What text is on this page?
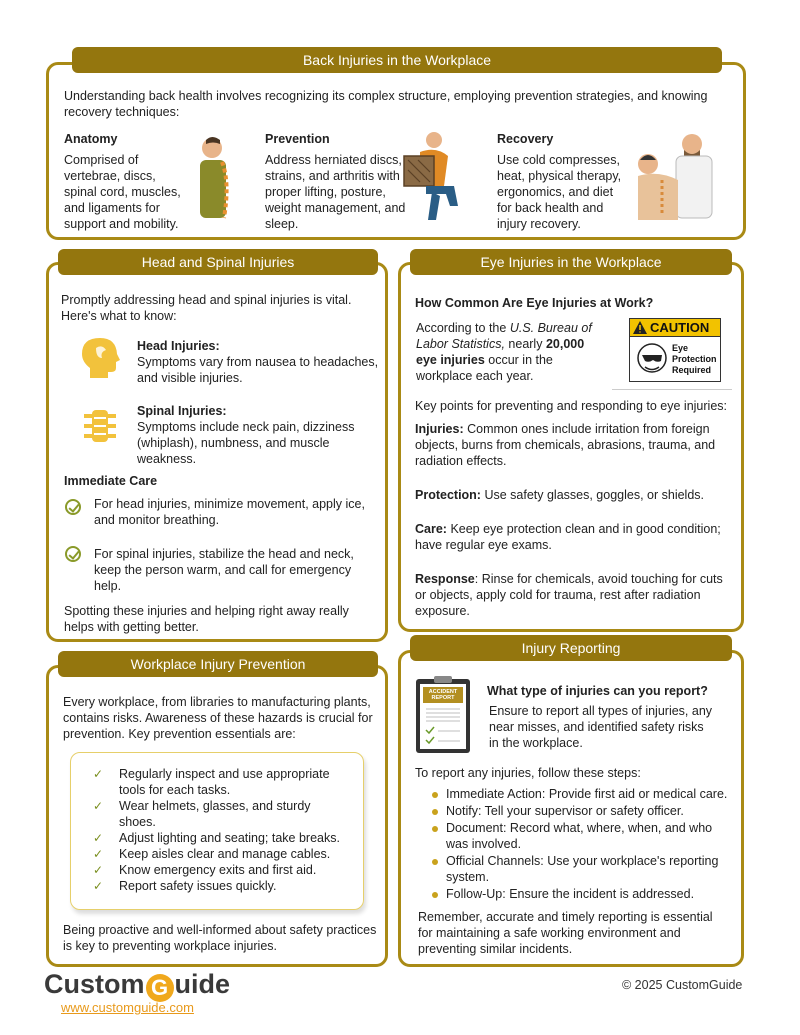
Back Injuries in the Workplace
Understanding back health involves recognizing its complex structure, employing prevention strategies, and knowing recovery techniques:
Anatomy
Comprised of vertebrae, discs, spinal cord, muscles, and ligaments for support and mobility.
Prevention
Address herniated discs, strains, and arthritis with proper lifting, posture, weight management, and sleep.
Recovery
Use cold compresses, heat, physical therapy, ergonomics, and diet for back health and injury recovery.
Head and Spinal Injuries
Promptly addressing head and spinal injuries is vital. Here's what to know:
Head Injuries:
Symptoms vary from nausea to headaches, and visible injuries.
Spinal Injuries:
Symptoms include neck pain, dizziness (whiplash), numbness, and muscle weakness.
Immediate Care
For head injuries, minimize movement, apply ice, and monitor breathing.
For spinal injuries, stabilize the head and neck, keep the person warm, and call for emergency help.
Spotting these injuries and helping right away really helps with getting better.
Eye Injuries in the Workplace
How Common Are Eye Injuries at Work?
According to the U.S. Bureau of Labor Statistics, nearly 20,000 eye injuries occur in the workplace each year.
CAUTION
Eye
Protection
Required
Key points for preventing and responding to eye injuries:
Injuries: Common ones include irritation from foreign objects, burns from chemicals, abrasions, trauma, and radiation effects.
Protection: Use safety glasses, goggles, or shields.
Care: Keep eye protection clean and in good condition; have regular eye exams.
Response: Rinse for chemicals, avoid touching for cuts or objects, apply cold for trauma, rest after radiation exposure.
Workplace Injury Prevention
Every workplace, from libraries to manufacturing plants, contains risks. Awareness of these hazards is crucial for prevention. Key prevention essentials are:
✓ Regularly inspect and use appropriate tools for each tasks.
✓ Wear helmets, glasses, and sturdy shoes.
✓ Adjust lighting and seating; take breaks.
✓ Keep aisles clear and manage cables.
✓ Know emergency exits and first aid.
✓ Report safety issues quickly.
Being proactive and well-informed about safety practices is key to preventing workplace injuries.
Injury Reporting
ACCIDENT
REPORT	What type of injuries can you report?
Ensure to report all types of injuries, any near misses, and identified safety risks in the workplace.
To report any injuries, follow these steps:
Immediate Action: Provide first aid or medical care.
Notify: Tell your supervisor or safety officer.
Document: Record what, where, when, and who was involved.
Official Channels: Use your workplace's reporting system.
Follow-Up: Ensure the incident is addressed.
Remember, accurate and timely reporting is essential for maintaining a safe working environment and preventing similar incidents.
Custom G uide
www.customguide.com
© 2025 CustomGuide
